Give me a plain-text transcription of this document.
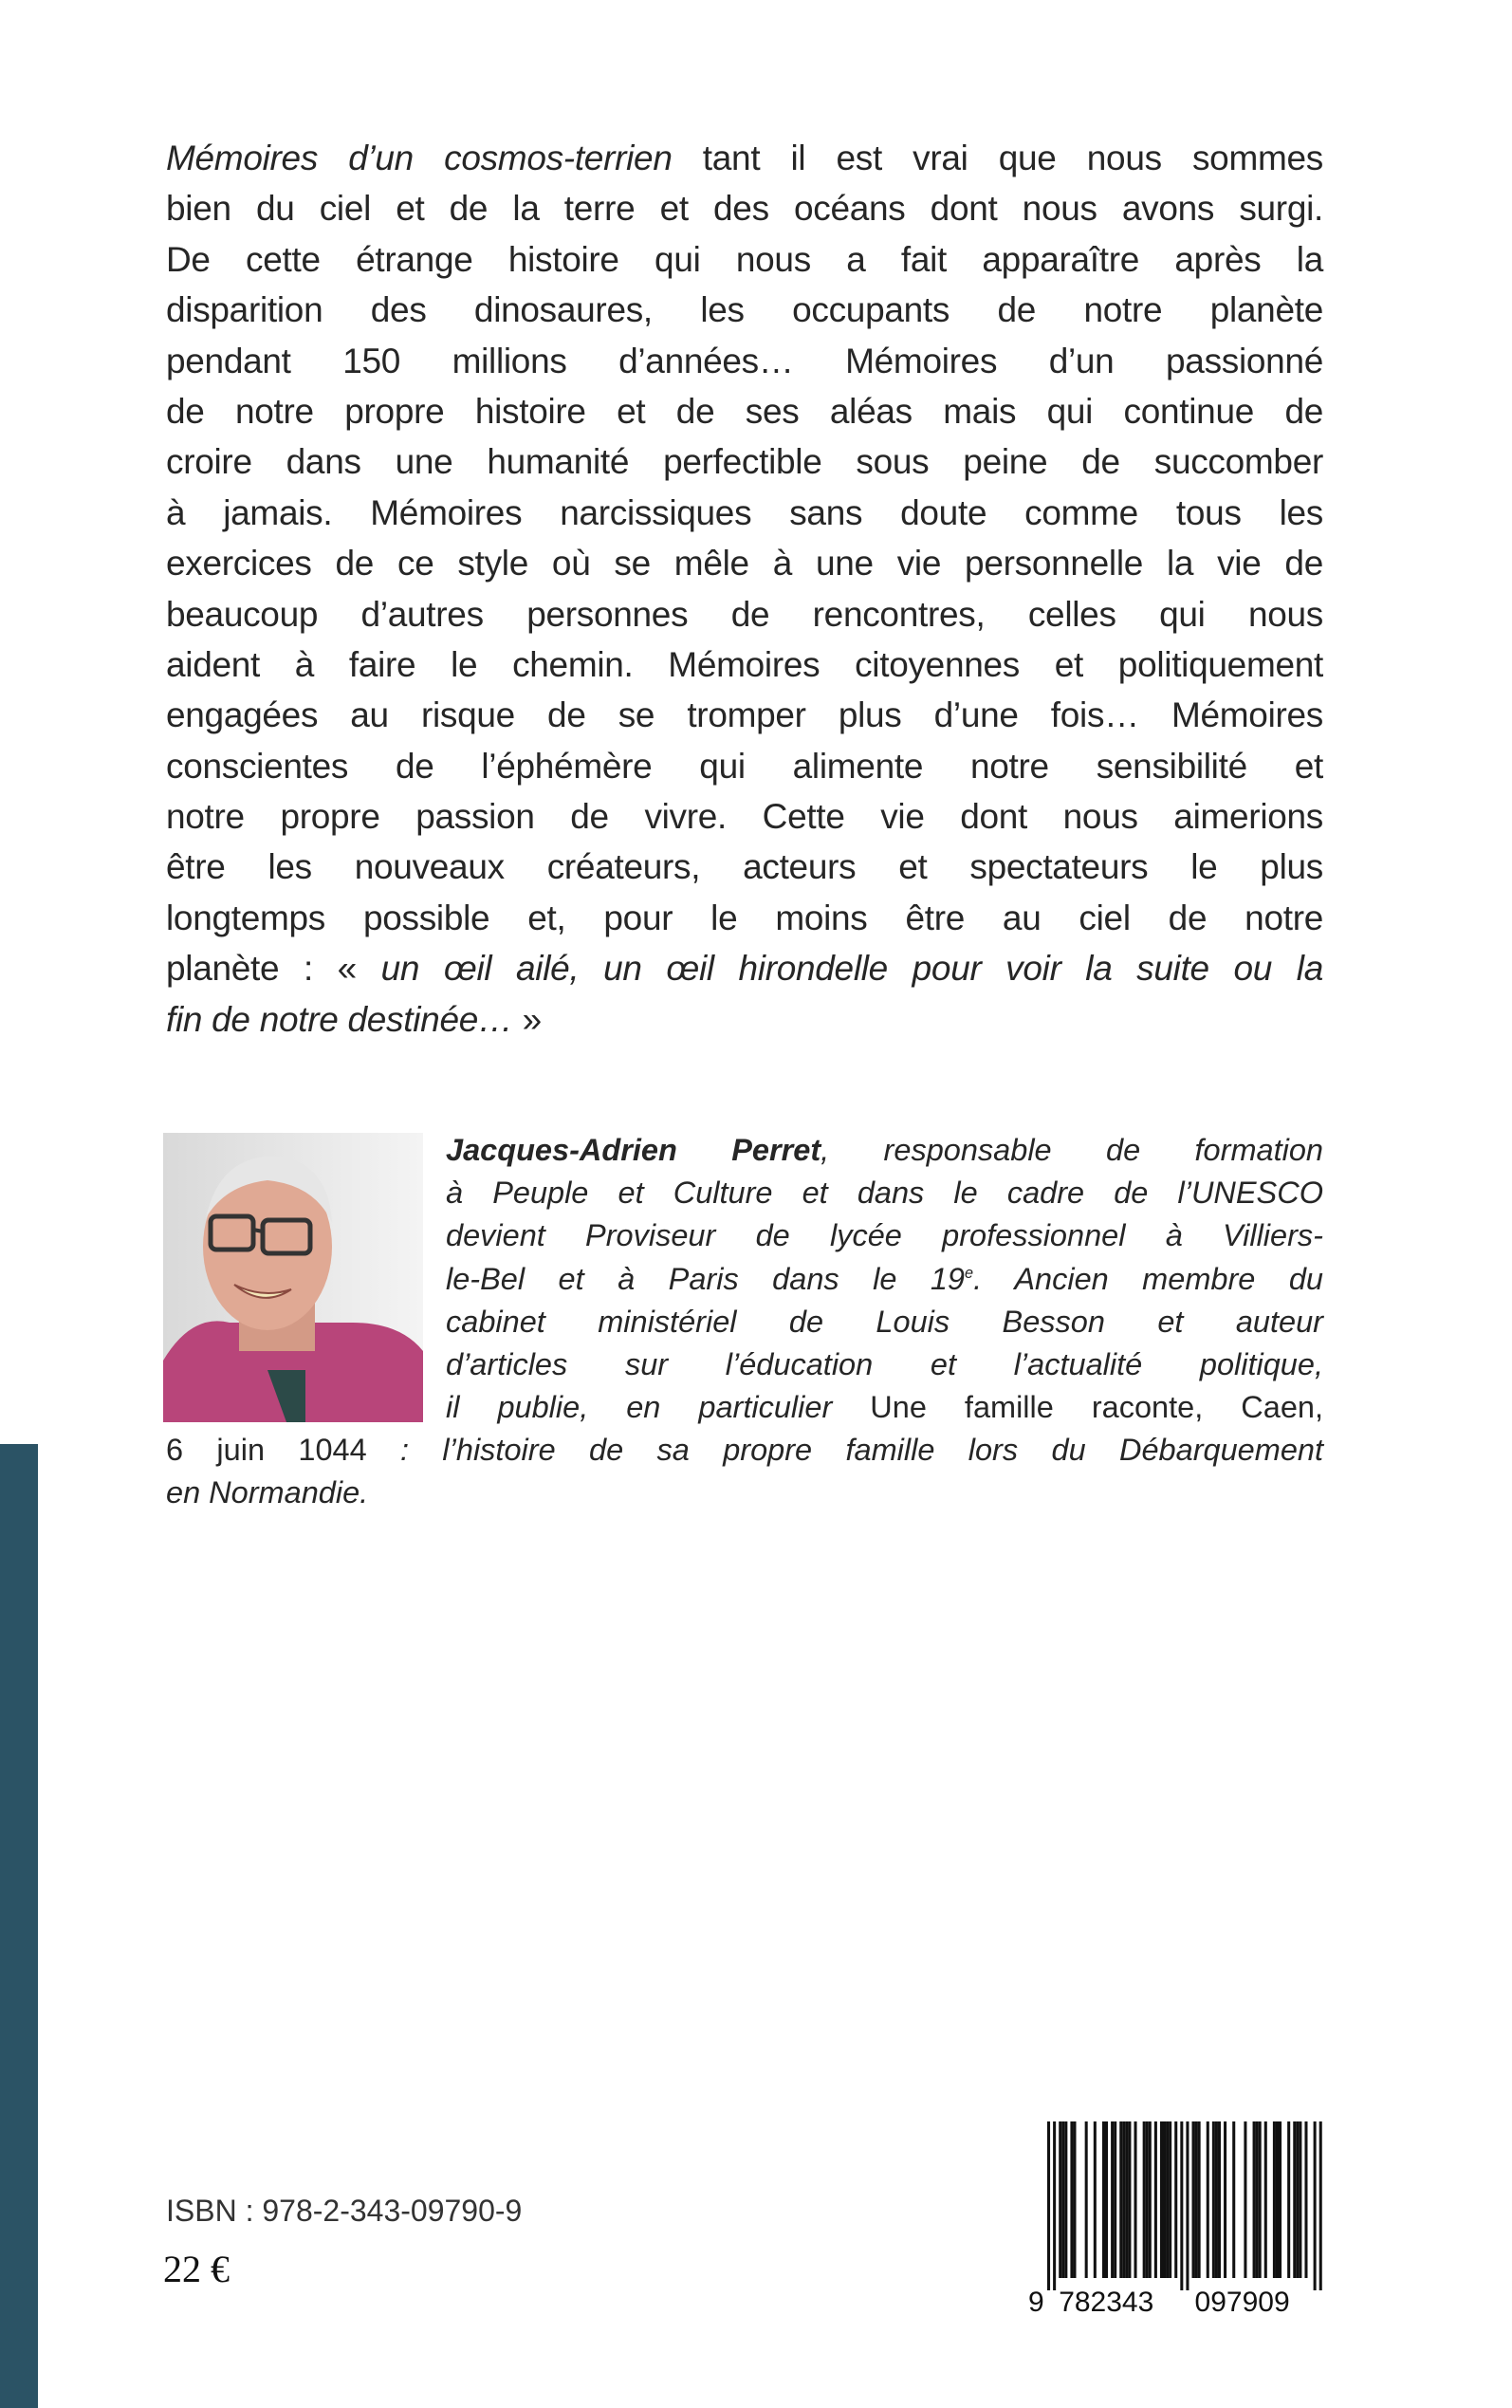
Mémoires d’un cosmos-terrien tant il est vrai que nous sommes
bien du ciel et de la terre et des océans dont nous avons surgi.
De cette étrange histoire qui nous a fait apparaître après la
disparition des dinosaures, les occupants de notre planète
pendant 150 millions d’années… Mémoires d’un passionné
de notre propre histoire et de ses aléas mais qui continue de
croire dans une humanité perfectible sous peine de succomber
à jamais. Mémoires narcissiques sans doute comme tous les
exercices de ce style où se mêle à une vie personnelle la vie de
beaucoup d’autres personnes de rencontres, celles qui nous
aident à faire le chemin. Mémoires citoyennes et politiquement
engagées au risque de se tromper plus d’une fois… Mémoires
conscientes de l’éphémère qui alimente notre sensibilité et
notre propre passion de vivre. Cette vie dont nous aimerions
être les nouveaux créateurs, acteurs et spectateurs le plus
longtemps possible et, pour le moins être au ciel de notre
planète : « un œil ailé, un œil hirondelle pour voir la suite ou la
fin de notre destinée… »
Jacques-Adrien Perret, responsable de formation
à Peuple et Culture et dans le cadre de l’UNESCO
devient Proviseur de lycée professionnel à Villiers-
le-Bel et à Paris dans le 19e. Ancien membre du
cabinet ministériel de Louis Besson et auteur
d’articles sur l’éducation et l’actualité politique,
il publie, en particulier Une famille raconte, Caen,
6 juin 1044 : l’histoire de sa propre famille lors du Débarquement
en Normandie.
ISBN : 978-2-343-09790-9
22 €
9 782343 097909
